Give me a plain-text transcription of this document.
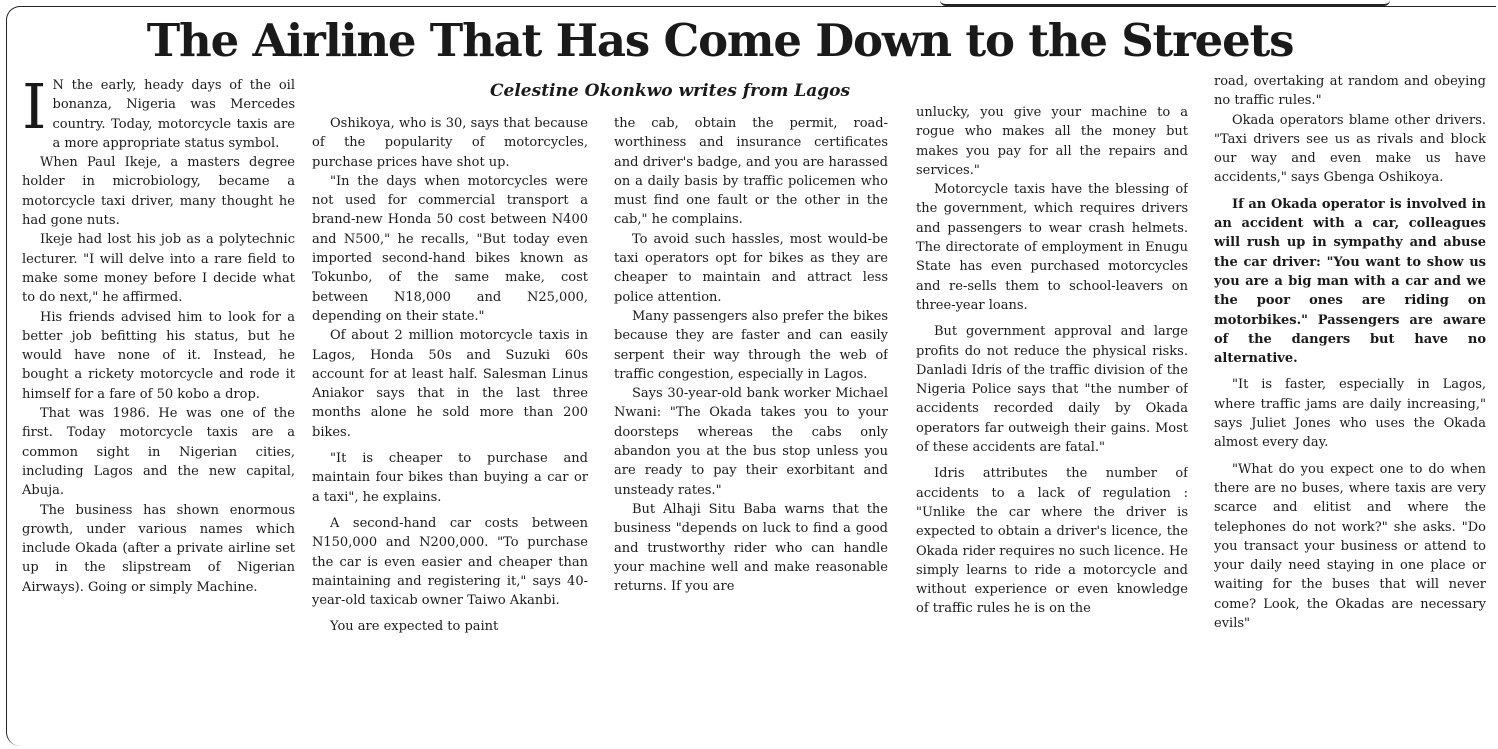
The Airline That Has Come Down to the Streets
Celestine Okonkwo writes from Lagos
I N the early, heady days of the oil bonanza, Nigeria was Mercedes country. Today, motorcycle taxis are a more appropriate status symbol.

When Paul Ikeje, a masters degree holder in microbiology, became a motorcycle taxi driver, many thought he had gone nuts.

Ikeje had lost his job as a polytechnic lecturer. "I will delve into a rare field to make some money before I decide what to do next," he affirmed.

His friends advised him to look for a better job befitting his status, but he would have none of it. Instead, he bought a rickety motorcycle and rode it himself for a fare of 50 kobo a drop.

That was 1986. He was one of the first. Today motorcycle taxis are a common sight in Nigerian cities, including Lagos and the new capital, Abuja.

The business has shown enormous growth, under various names which include Okada (after a private airline set up in the slipstream of Nigerian Airways). Going or simply Machine.

Oshikoya, who is 30, says that because of the popularity of motorcycles, purchase prices have shot up.

"In the days when motorcycles were not used for commercial transport a brand-new Honda 50 cost between N400 and N500," he recalls, "But today even imported second-hand bikes known as Tokunbo, of the same make, cost between N18,000 and N25,000, depending on their state."

Of about 2 million motorcycle taxis in Lagos, Honda 50s and Suzuki 60s account for at least half. Salesman Linus Aniakor says that in the last three months alone he sold more than 200 bikes.

"It is cheaper to purchase and maintain four bikes than buying a car or a taxi", he explains.

A second-hand car costs between N150,000 and N200,000. "To purchase the car is even easier and cheaper than maintaining and registering it," says 40-year-old taxicab owner Taiwo Akanbi.

You are expected to paint

the cab, obtain the permit, road-worthiness and insurance certificates and driver's badge, and you are harassed on a daily basis by traffic policemen who must find one fault or the other in the cab," he complains.

To avoid such hassles, most would-be taxi operators opt for bikes as they are cheaper to maintain and attract less police attention.

Many passengers also prefer the bikes because they are faster and can easily serpent their way through the web of traffic congestion, especially in Lagos.

Says 30-year-old bank worker Michael Nwani: "The Okada takes you to your doorsteps whereas the cabs only abandon you at the bus stop unless you are ready to pay their exorbitant and unsteady rates."

But Alhaji Situ Baba warns that the business "depends on luck to find a good and trustworthy rider who can handle your machine well and make reasonable returns. If you are

unlucky, you give your machine to a rogue who makes all the money but makes you pay for all the repairs and services."

Motorcycle taxis have the blessing of the government, which requires drivers and passengers to wear crash helmets. The directorate of employment in Enugu State has even purchased motorcycles and re-sells them to school-leavers on three-year loans.

But government approval and large profits do not reduce the physical risks. Danladi Idris of the traffic division of the Nigeria Police says that "the number of accidents recorded daily by Okada operators far outweigh their gains. Most of these accidents are fatal."

Idris attributes the number of accidents to a lack of regulation : "Unlike the car where the driver is expected to obtain a driver's licence, the Okada rider requires no such licence. He simply learns to ride a motorcycle and without experience or even knowledge of traffic rules he is on the

road, overtaking at random and obeying no traffic rules."

Okada operators blame other drivers. "Taxi drivers see us as rivals and block our way and even make us have accidents," says Gbenga Oshikoya.

If an Okada operator is involved in an accident with a car, colleagues will rush up in sympathy and abuse the car driver: "You want to show us you are a big man with a car and we the poor ones are riding on motorbikes." Passengers are aware of the dangers but have no alternative.

"It is faster, especially in Lagos, where traffic jams are daily increasing," says Juliet Jones who uses the Okada almost every day.

"What do you expect one to do when there are no buses, where taxis are very scarce and elitist and where the telephones do not work?" she asks. "Do you transact your business or attend to your daily need staying in one place or waiting for the buses that will never come? Look, the Okadas are necessary evils"
